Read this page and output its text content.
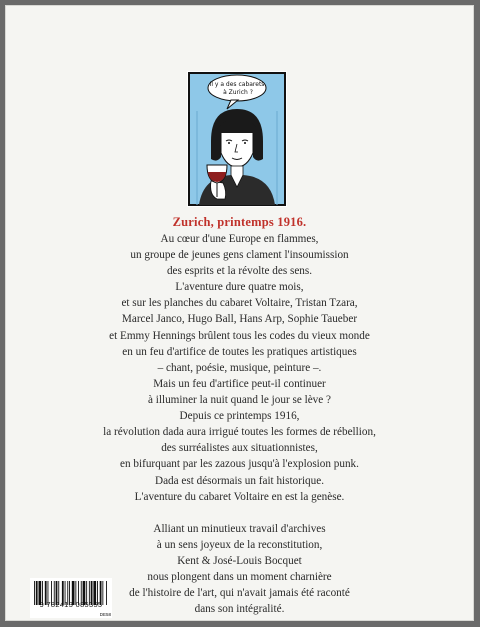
Il y a des cabarets
à Zurich ?
Zurich, printemps 1916.

Au cœur d'une Europe en flammes,
un groupe de jeunes gens clament l'insoumission
des esprits et la révolte des sens.
L'aventure dure quatre mois,
et sur les planches du cabaret Voltaire, Tristan Tzara,
Marcel Janco, Hugo Ball, Hans Arp, Sophie Taueber
et Emmy Hennings brûlent tous les codes du vieux monde
en un feu d'artifice de toutes les pratiques artistiques
– chant, poésie, musique, peinture –.
Mais un feu d'artifice peut-il continuer
à illuminer la nuit quand le jour se lève ?
Depuis ce printemps 1916,
la révolution dada aura irrigué toutes les formes de rébellion,
des surréalistes aux situationnistes,
en bifurquant par les zazous jusqu'à l'explosion punk.

Dada est désormais un fait historique.
L'aventure du cabaret Voltaire en est la genèse.

Alliant un minutieux travail d'archives
à un sens joyeux de la reconstitution,
Kent & José-Louis Bocquet
nous plongent dans un moment charnière
de l'histoire de l'art, qui n'avait jamais été raconté
dans son intégralité.

9 782413 085355
DE58
